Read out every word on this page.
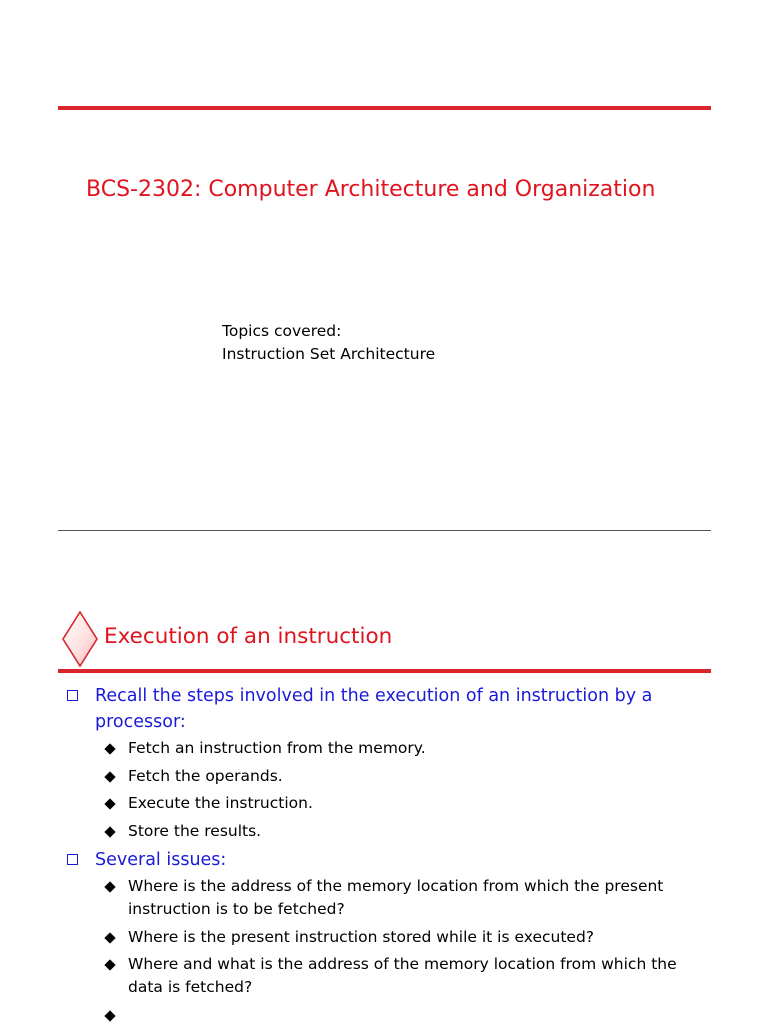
BCS-2302: Computer Architecture and Organization
Topics covered:
Instruction Set Architecture
Execution of an instruction
Recall the steps involved in the execution of an instruction by a processor:
Fetch an instruction from the memory.
Fetch the operands.
Execute the instruction.
Store the results.
Several issues:
Where is the address of the memory location from which the present instruction is to be fetched?
Where is the present instruction stored while it is executed?
Where and what is the address of the memory location from which the data is fetched?
